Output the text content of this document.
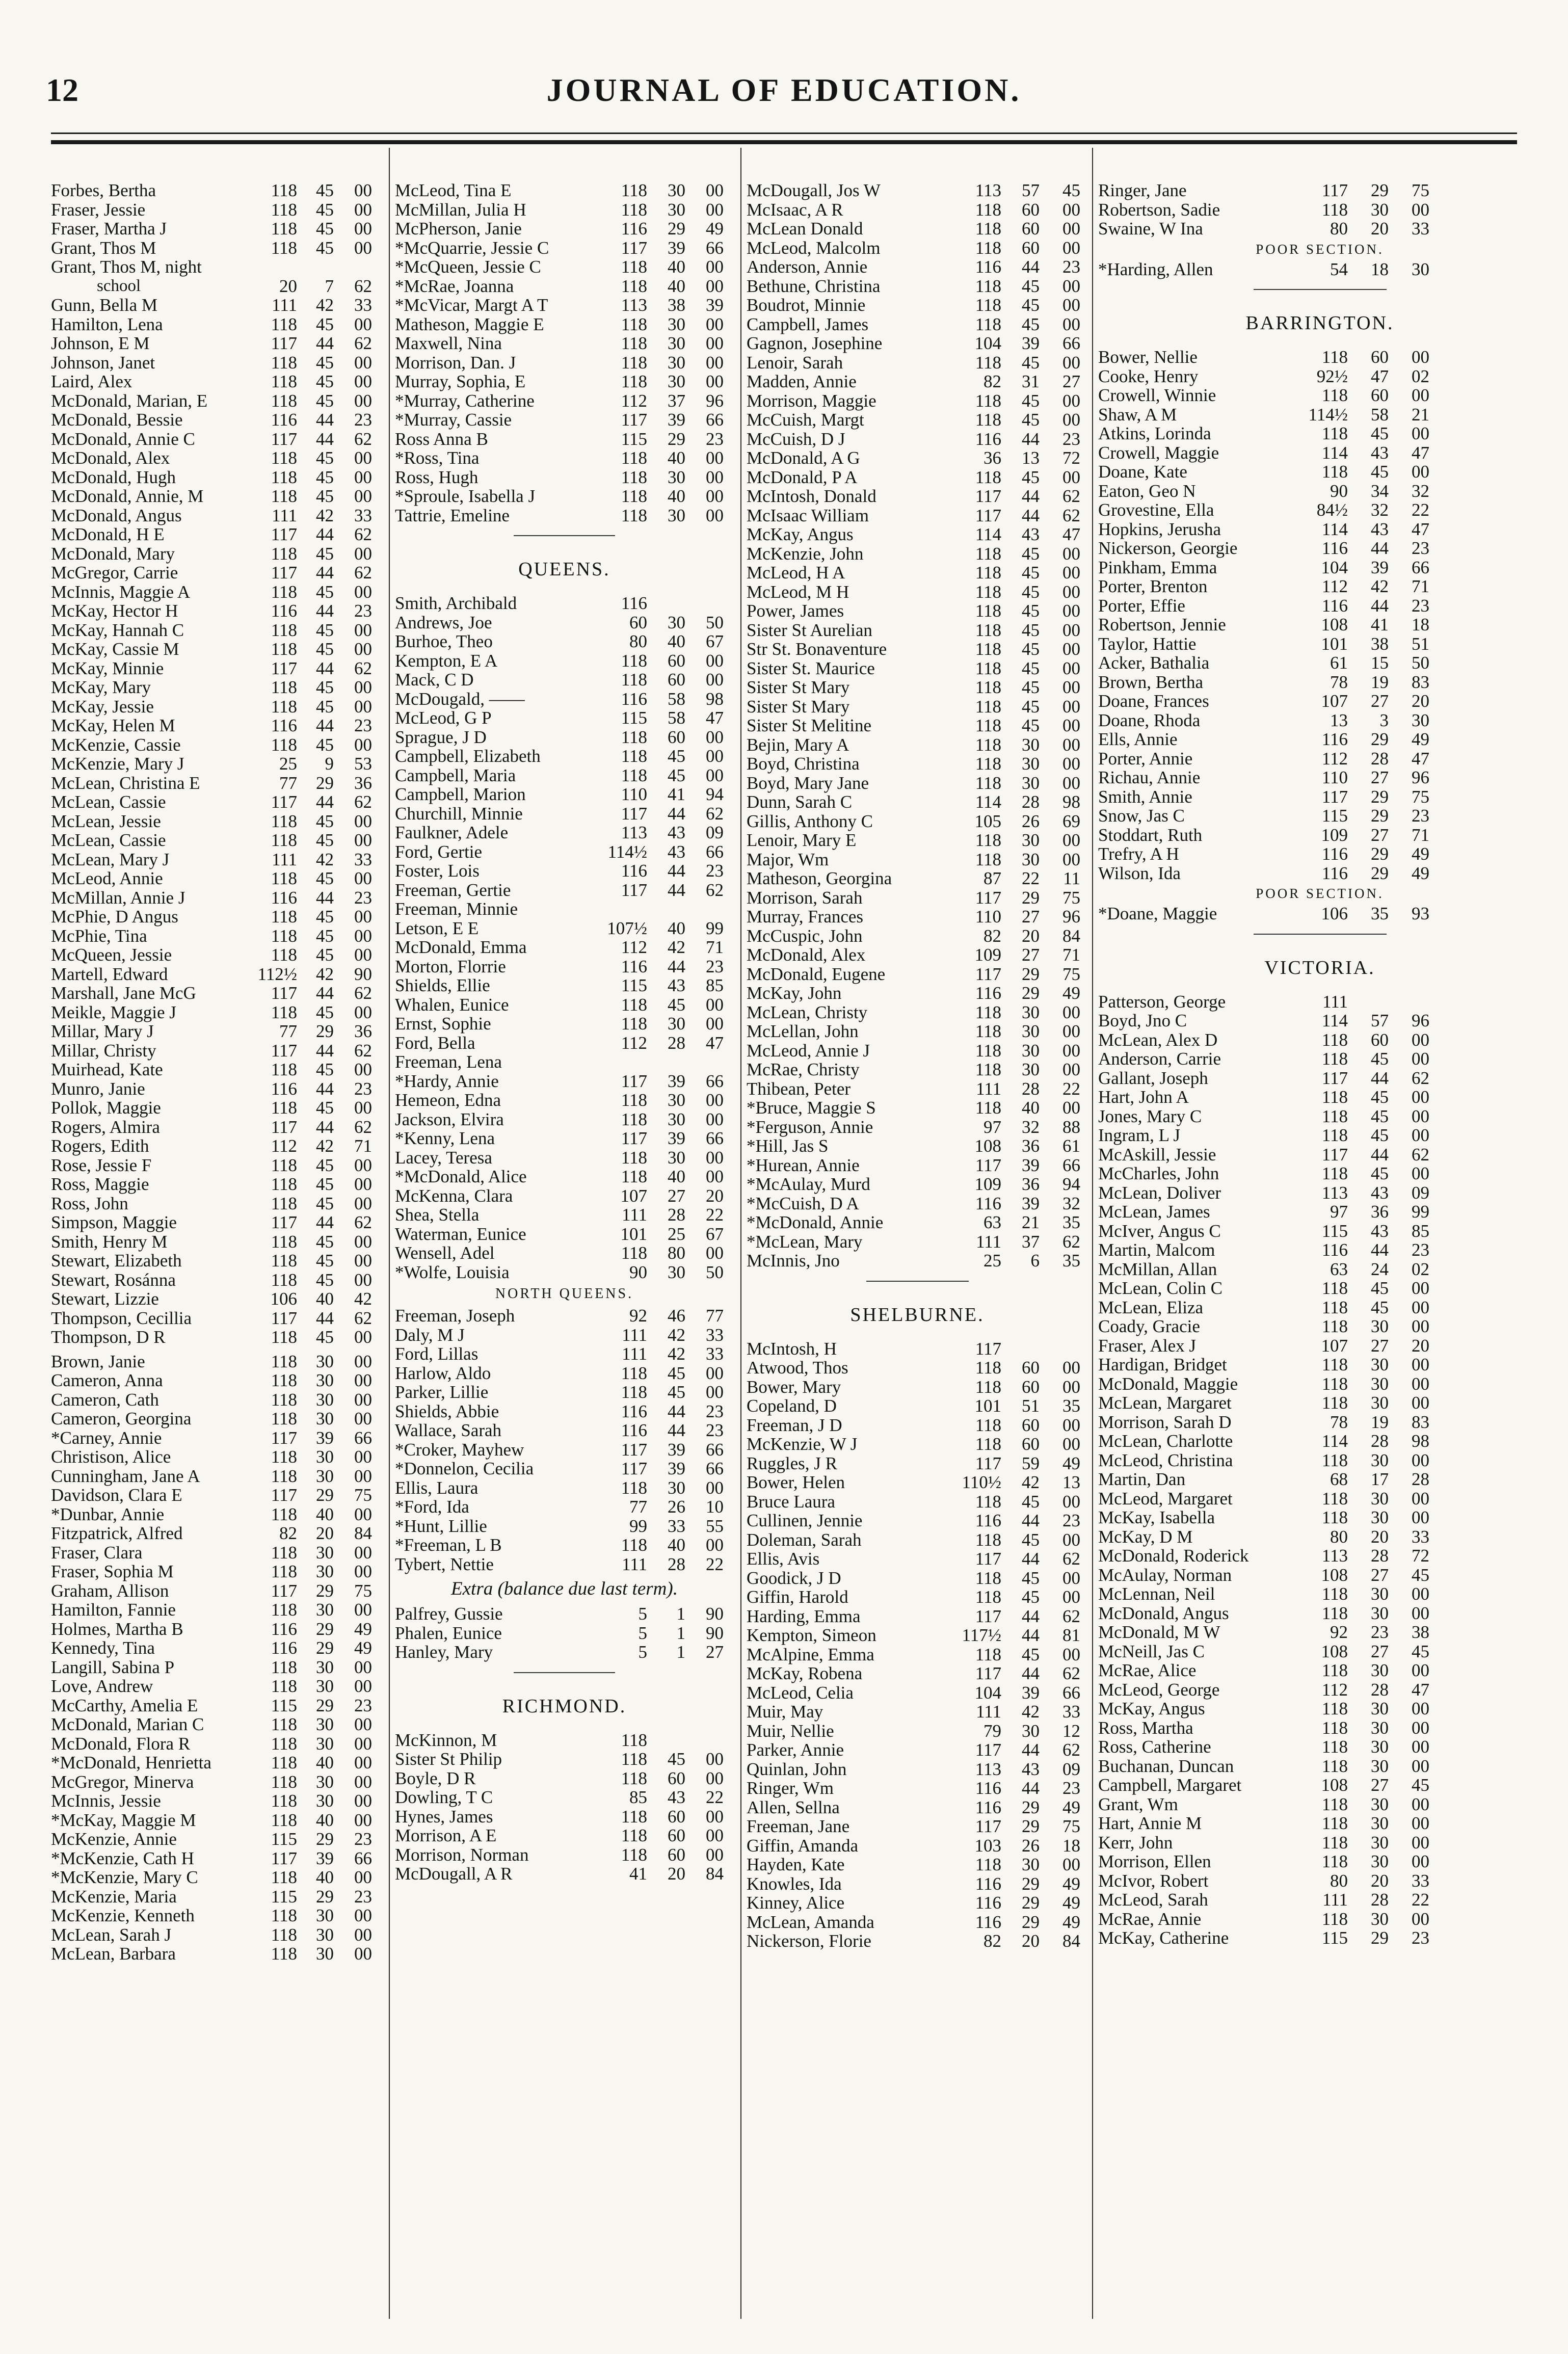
12	JOURNAL OF EDUCATION.
Forbes, Bertha	118	45	00
Fraser, Jessie	118	45	00
Fraser, Martha J	118	45	00
Grant, Thos M	118	45	00
Grant, Thos M, night
school	20	7	62
Gunn, Bella M	111	42	33
Hamilton, Lena	118	45	00
Johnson, E M	117	44	62
Johnson, Janet	118	45	00
Laird, Alex	118	45	00
McDonald, Marian, E	118	45	00
McDonald, Bessie	116	44	23
McDonald, Annie C	117	44	62
McDonald, Alex	118	45	00
McDonald, Hugh	118	45	00
McDonald, Annie, M	118	45	00
McDonald, Angus	111	42	33
McDonald, H E	117	44	62
McDonald, Mary	118	45	00
McGregor, Carrie	117	44	62
McInnis, Maggie A	118	45	00
McKay, Hector H	116	44	23
McKay, Hannah C	118	45	00
McKay, Cassie M	118	45	00
McKay, Minnie	117	44	62
McKay, Mary	118	45	00
McKay, Jessie	118	45	00
McKay, Helen M	116	44	23
McKenzie, Cassie	118	45	00
McKenzie, Mary J	25	9	53
McLean, Christina E	77	29	36
McLean, Cassie	117	44	62
McLean, Jessie	118	45	00
McLean, Cassie	118	45	00
McLean, Mary J	111	42	33
McLeod, Annie	118	45	00
McMillan, Annie J	116	44	23
McPhie, D Angus	118	45	00
McPhie, Tina	118	45	00
McQueen, Jessie	118	45	00
Martell, Edward	112½	42	90
Marshall, Jane McG	117	44	62
Meikle, Maggie J	118	45	00
Millar, Mary J	77	29	36
Millar, Christy	117	44	62
Muirhead, Kate	118	45	00
Munro, Janie	116	44	23
Pollok, Maggie	118	45	00
Rogers, Almira	117	44	62
Rogers, Edith	112	42	71
Rose, Jessie F	118	45	00
Ross, Maggie	118	45	00
Ross, John	118	45	00
Simpson, Maggie	117	44	62
Smith, Henry M	118	45	00
Stewart, Elizabeth	118	45	00
Stewart, Rosánna	118	45	00
Stewart, Lizzie	106	40	42
Thompson, Cecillia	117	44	62
Thompson, D R	118	45	00
Brown, Janie	118	30	00
Cameron, Anna	118	30	00
Cameron, Cath	118	30	00
Cameron, Georgina	118	30	00
*Carney, Annie	117	39	66
Christison, Alice	118	30	00
Cunningham, Jane A	118	30	00
Davidson, Clara E	117	29	75
*Dunbar, Annie	118	40	00
Fitzpatrick, Alfred	82	20	84
Fraser, Clara	118	30	00
Fraser, Sophia M	118	30	00
Graham, Allison	117	29	75
Hamilton, Fannie	118	30	00
Holmes, Martha B	116	29	49
Kennedy, Tina	116	29	49
Langill, Sabina P	118	30	00
Love, Andrew	118	30	00
McCarthy, Amelia E	115	29	23
McDonald, Marian C	118	30	00
McDonald, Flora R	118	30	00
*McDonald, Henrietta	118	40	00
McGregor, Minerva	118	30	00
McInnis, Jessie	118	30	00
*McKay, Maggie M	118	40	00
McKenzie, Annie	115	29	23
*McKenzie, Cath H	117	39	66
*McKenzie, Mary C	118	40	00
McKenzie, Maria	115	29	23
McKenzie, Kenneth	118	30	00
McLean, Sarah J	118	30	00
McLean, Barbara	118	30	00
McLeod, Tina E	118	30	00
McMillan, Julia H	118	30	00
McPherson, Janie	116	29	49
*McQuarrie, Jessie C	117	39	66
*McQueen, Jessie C	118	40	00
*McRae, Joanna	118	40	00
*McVicar, Margt A T	113	38	39
Matheson, Maggie E	118	30	00
Maxwell, Nina	118	30	00
Morrison, Dan. J	118	30	00
Murray, Sophia, E	118	30	00
*Murray, Catherine	112	37	96
*Murray, Cassie	117	39	66
Ross Anna B	115	29	23
*Ross, Tina	118	40	00
Ross, Hugh	118	30	00
*Sproule, Isabella J	118	40	00
Tattrie, Emeline	118	30	00
QUEENS.
Smith, Archibald	116
Andrews, Joe	60	30	50
Burhoe, Theo	80	40	67
Kempton, E A	118	60	00
Mack, C D	118	60	00
McDougald, ——	116	58	98
McLeod, G P	115	58	47
Sprague, J D	118	60	00
Campbell, Elizabeth	118	45	00
Campbell, Maria	118	45	00
Campbell, Marion	110	41	94
Churchill, Minnie	117	44	62
Faulkner, Adele	113	43	09
Ford, Gertie	114½	43	66
Foster, Lois	116	44	23
Freeman, Gertie	117	44	62
Freeman, Minnie
Letson, E E	107½	40	99
McDonald, Emma	112	42	71
Morton, Florrie	116	44	23
Shields, Ellie	115	43	85
Whalen, Eunice	118	45	00
Ernst, Sophie	118	30	00
Ford, Bella	112	28	47
Freeman, Lena
*Hardy, Annie	117	39	66
Hemeon, Edna	118	30	00
Jackson, Elvira	118	30	00
*Kenny, Lena	117	39	66
Lacey, Teresa	118	30	00
*McDonald, Alice	118	40	00
McKenna, Clara	107	27	20
Shea, Stella	111	28	22
Waterman, Eunice	101	25	67
Wensell, Adel	118	80	00
*Wolfe, Louisia	90	30	50
NORTH QUEENS.
Freeman, Joseph	92	46	77
Daly, M J	111	42	33
Ford, Lillas	111	42	33
Harlow, Aldo	118	45	00
Parker, Lillie	118	45	00
Shields, Abbie	116	44	23
Wallace, Sarah	116	44	23
*Croker, Mayhew	117	39	66
*Donnelon, Cecilia	117	39	66
Ellis, Laura	118	30	00
*Ford, Ida	77	26	10
*Hunt, Lillie	99	33	55
*Freeman, L B	118	40	00
Tybert, Nettie	111	28	22
Extra (balance due last term).
Palfrey, Gussie	5	1	90
Phalen, Eunice	5	1	90
Hanley, Mary	5	1	27
RICHMOND.
McKinnon, M	118
Sister St Philip	118	45	00
Boyle, D R	118	60	00
Dowling, T C	85	43	22
Hynes, James	118	60	00
Morrison, A E	118	60	00
Morrison, Norman	118	60	00
McDougall, A R	41	20	84
McDougall, Jos W	113	57	45
McIsaac, A R	118	60	00
McLean Donald	118	60	00
McLeod, Malcolm	118	60	00
Anderson, Annie	116	44	23
Bethune, Christina	118	45	00
Boudrot, Minnie	118	45	00
Campbell, James	118	45	00
Gagnon, Josephine	104	39	66
Lenoir, Sarah	118	45	00
Madden, Annie	82	31	27
Morrison, Maggie	118	45	00
McCuish, Margt	118	45	00
McCuish, D J	116	44	23
McDonald, A G	36	13	72
McDonald, P A	118	45	00
McIntosh, Donald	117	44	62
McIsaac William	117	44	62
McKay, Angus	114	43	47
McKenzie, John	118	45	00
McLeod, H A	118	45	00
McLeod, M H	118	45	00
Power, James	118	45	00
Sister St Aurelian	118	45	00
Str St. Bonaventure	118	45	00
Sister St. Maurice	118	45	00
Sister St Mary	118	45	00
Sister St Mary	118	45	00
Sister St Melitine	118	45	00
Bejin, Mary A	118	30	00
Boyd, Christina	118	30	00
Boyd, Mary Jane	118	30	00
Dunn, Sarah C	114	28	98
Gillis, Anthony C	105	26	69
Lenoir, Mary E	118	30	00
Major, Wm	118	30	00
Matheson, Georgina	87	22	11
Morrison, Sarah	117	29	75
Murray, Frances	110	27	96
McCuspic, John	82	20	84
McDonald, Alex	109	27	71
McDonald, Eugene	117	29	75
McKay, John	116	29	49
McLean, Christy	118	30	00
McLellan, John	118	30	00
McLeod, Annie J	118	30	00
McRae, Christy	118	30	00
Thibean, Peter	111	28	22
*Bruce, Maggie S	118	40	00
*Ferguson, Annie	97	32	88
*Hill, Jas S	108	36	61
*Hurean, Annie	117	39	66
*McAulay, Murd	109	36	94
*McCuish, D A	116	39	32
*McDonald, Annie	63	21	35
*McLean, Mary	111	37	62
McInnis, Jno	25	6	35
SHELBURNE.
McIntosh, H	117
Atwood, Thos	118	60	00
Bower, Mary	118	60	00
Copeland, D	101	51	35
Freeman, J D	118	60	00
McKenzie, W J	118	60	00
Ruggles, J R	117	59	49
Bower, Helen	110½	42	13
Bruce Laura	118	45	00
Cullinen, Jennie	116	44	23
Doleman, Sarah	118	45	00
Ellis, Avis	117	44	62
Goodick, J D	118	45	00
Giffin, Harold	118	45	00
Harding, Emma	117	44	62
Kempton, Simeon	117½	44	81
McAlpine, Emma	118	45	00
McKay, Robena	117	44	62
McLeod, Celia	104	39	66
Muir, May	111	42	33
Muir, Nellie	79	30	12
Parker, Annie	117	44	62
Quinlan, John	113	43	09
Ringer, Wm	116	44	23
Allen, Sellna	116	29	49
Freeman, Jane	117	29	75
Giffin, Amanda	103	26	18
Hayden, Kate	118	30	00
Knowles, Ida	116	29	49
Kinney, Alice	116	29	49
McLean, Amanda	116	29	49
Nickerson, Florie	82	20	84
Ringer, Jane	117	29	75
Robertson, Sadie	118	30	00
Swaine, W Ina	80	20	33
POOR SECTION.
*Harding, Allen	54	18	30
BARRINGTON.
Bower, Nellie	118	60	00
Cooke, Henry	92½	47	02
Crowell, Winnie	118	60	00
Shaw, A M	114½	58	21
Atkins, Lorinda	118	45	00
Crowell, Maggie	114	43	47
Doane, Kate	118	45	00
Eaton, Geo N	90	34	32
Grovestine, Ella	84½	32	22
Hopkins, Jerusha	114	43	47
Nickerson, Georgie	116	44	23
Pinkham, Emma	104	39	66
Porter, Brenton	112	42	71
Porter, Effie	116	44	23
Robertson, Jennie	108	41	18
Taylor, Hattie	101	38	51
Acker, Bathalia	61	15	50
Brown, Bertha	78	19	83
Doane, Frances	107	27	20
Doane, Rhoda	13	3	30
Ells, Annie	116	29	49
Porter, Annie	112	28	47
Richau, Annie	110	27	96
Smith, Annie	117	29	75
Snow, Jas C	115	29	23
Stoddart, Ruth	109	27	71
Trefry, A H	116	29	49
Wilson, Ida	116	29	49
POOR SECTION.
*Doane, Maggie	106	35	93
VICTORIA.
Patterson, George	111
Boyd, Jno C	114	57	96
McLean, Alex D	118	60	00
Anderson, Carrie	118	45	00
Gallant, Joseph	117	44	62
Hart, John A	118	45	00
Jones, Mary C	118	45	00
Ingram, L J	118	45	00
McAskill, Jessie	117	44	62
McCharles, John	118	45	00
McLean, Doliver	113	43	09
McLean, James	97	36	99
McIver, Angus C	115	43	85
Martin, Malcom	116	44	23
McMillan, Allan	63	24	02
McLean, Colin C	118	45	00
McLean, Eliza	118	45	00
Coady, Gracie	118	30	00
Fraser, Alex J	107	27	20
Hardigan, Bridget	118	30	00
McDonald, Maggie	118	30	00
McLean, Margaret	118	30	00
Morrison, Sarah D	78	19	83
McLean, Charlotte	114	28	98
McLeod, Christina	118	30	00
Martin, Dan	68	17	28
McLeod, Margaret	118	30	00
McKay, Isabella	118	30	00
McKay, D M	80	20	33
McDonald, Roderick	113	28	72
McAulay, Norman	108	27	45
McLennan, Neil	118	30	00
McDonald, Angus	118	30	00
McDonald, M W	92	23	38
McNeill, Jas C	108	27	45
McRae, Alice	118	30	00
McLeod, George	112	28	47
McKay, Angus	118	30	00
Ross, Martha	118	30	00
Ross, Catherine	118	30	00
Buchanan, Duncan	118	30	00
Campbell, Margaret	108	27	45
Grant, Wm	118	30	00
Hart, Annie M	118	30	00
Kerr, John	118	30	00
Morrison, Ellen	118	30	00
McIvor, Robert	80	20	33
McLeod, Sarah	111	28	22
McRae, Annie	118	30	00
McKay, Catherine	115	29	23
